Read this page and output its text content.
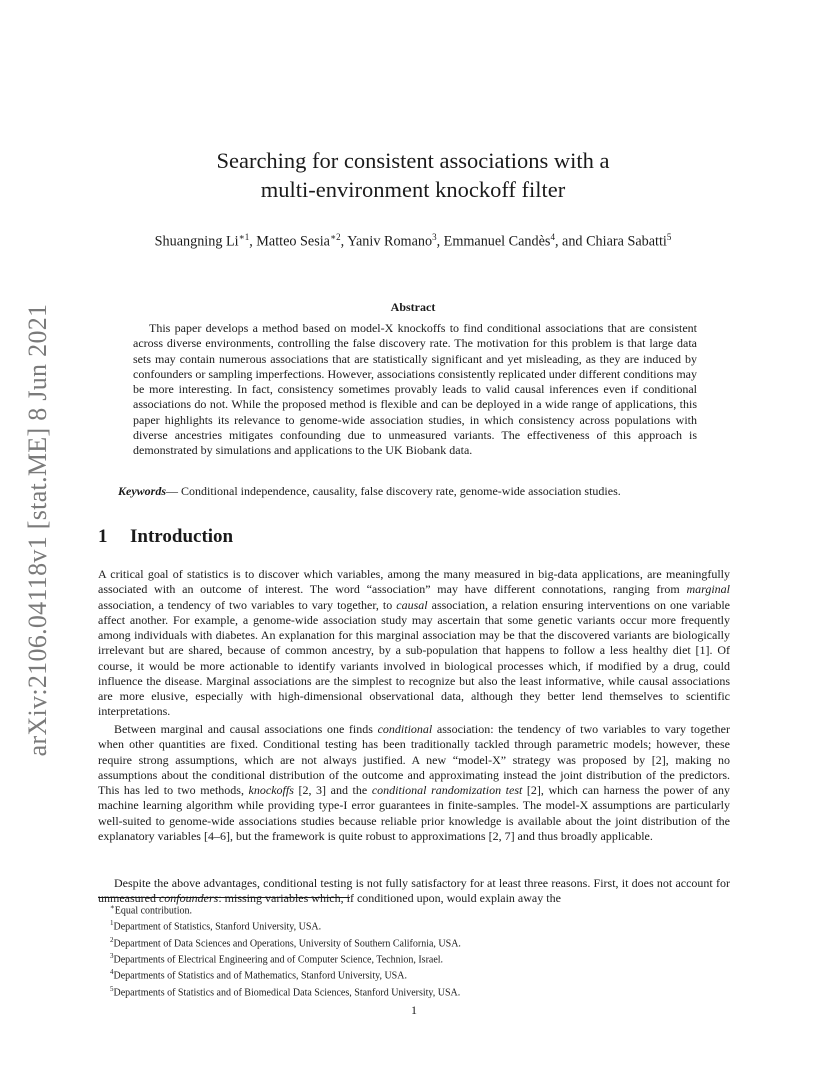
arXiv:2106.04118v1 [stat.ME] 8 Jun 2021
Searching for consistent associations with a
multi-environment knockoff filter
Shuangning $Li^{∗1}$, Matteo Sesia$^{∗2}$, Yaniv Romano$^3$, Emmanuel Candès$^4$, and Chiara Sabatti$^5$
Abstract

This paper develops a method based on model-X knockoffs to find conditional associations that are consistent across diverse environments, controlling the false discovery rate. The motivation for this problem is that large data sets may contain numerous associations that are statistically significant and yet misleading, as they are induced by confounders or sampling imperfections. However, associations consistently replicated under different conditions may be more interesting. In fact, consistency sometimes provably leads to valid causal inferences even if conditional associations do not. While the proposed method is flexible and can be deployed in a wide range of applications, this paper highlights its relevance to genome-wide association studies, in which consistency across populations with diverse ancestries mitigates confounding due to unmeasured variants. The effectiveness of this approach is demonstrated by simulations and applications to the UK Biobank data.

Keywords— Conditional independence, causality, false discovery rate, genome-wide association studies.
1 Introduction

A critical goal of statistics is to discover which variables, among the many measured in big-data applications, are meaningfully associated with an outcome of interest. The word “association” may have different connotations, ranging from marginal association, a tendency of two variables to vary together, to causal association, a relation ensuring interventions on one variable affect another. For example, a genome-wide association study may ascertain that some genetic variants occur more frequently among individuals with diabetes. An explanation for this marginal association may be that the discovered variants are biologically irrelevant but are shared, because of common ancestry, by a sub-population that happens to follow a less healthy diet [1]. Of course, it would be more actionable to identify variants involved in biological processes which, if modified by a drug, could influence the disease. Marginal associations are the simplest to recognize but also the least informative, while causal associations are more elusive, especially with high-dimensional observational data, although they better lend themselves to scientific interpretations.

Between marginal and causal associations one finds conditional association: the tendency of two variables to vary together when other quantities are fixed. Conditional testing has been traditionally tackled through parametric models; however, these require strong assumptions, which are not always justified. A new “model-X” strategy was proposed by [2], making no assumptions about the conditional distribution of the outcome and approximating instead the joint distribution of the predictors. This has led to two methods, knockoffs [2, 3] and the conditional randomization test [2], which can harness the power of any machine learning algorithm while providing type-I error guarantees in finite-samples. The model-X assumptions are particularly well-suited to genome-wide associations studies because reliable prior knowledge is available about the joint distribution of the explanatory variables [4–6], but the framework is quite robust to approximations [2, 7] and thus broadly applicable.

Despite the above advantages, conditional testing is not fully satisfactory for at least three reasons. First, it does not account for unmeasured confounders: missing variables which, if conditioned upon, would explain away the

∗Equal contribution.
$^1$Department of Statistics, Stanford University, USA.
$^2$Department of Data Sciences and Operations, University of Southern California, USA.
$^3$Departments of Electrical Engineering and of Computer Science, Technion, Israel.
$^4$Departments of Statistics and of Mathematics, Stanford University, USA.
$^5$Departments of Statistics and of Biomedical Data Sciences, Stanford University, USA.
1
